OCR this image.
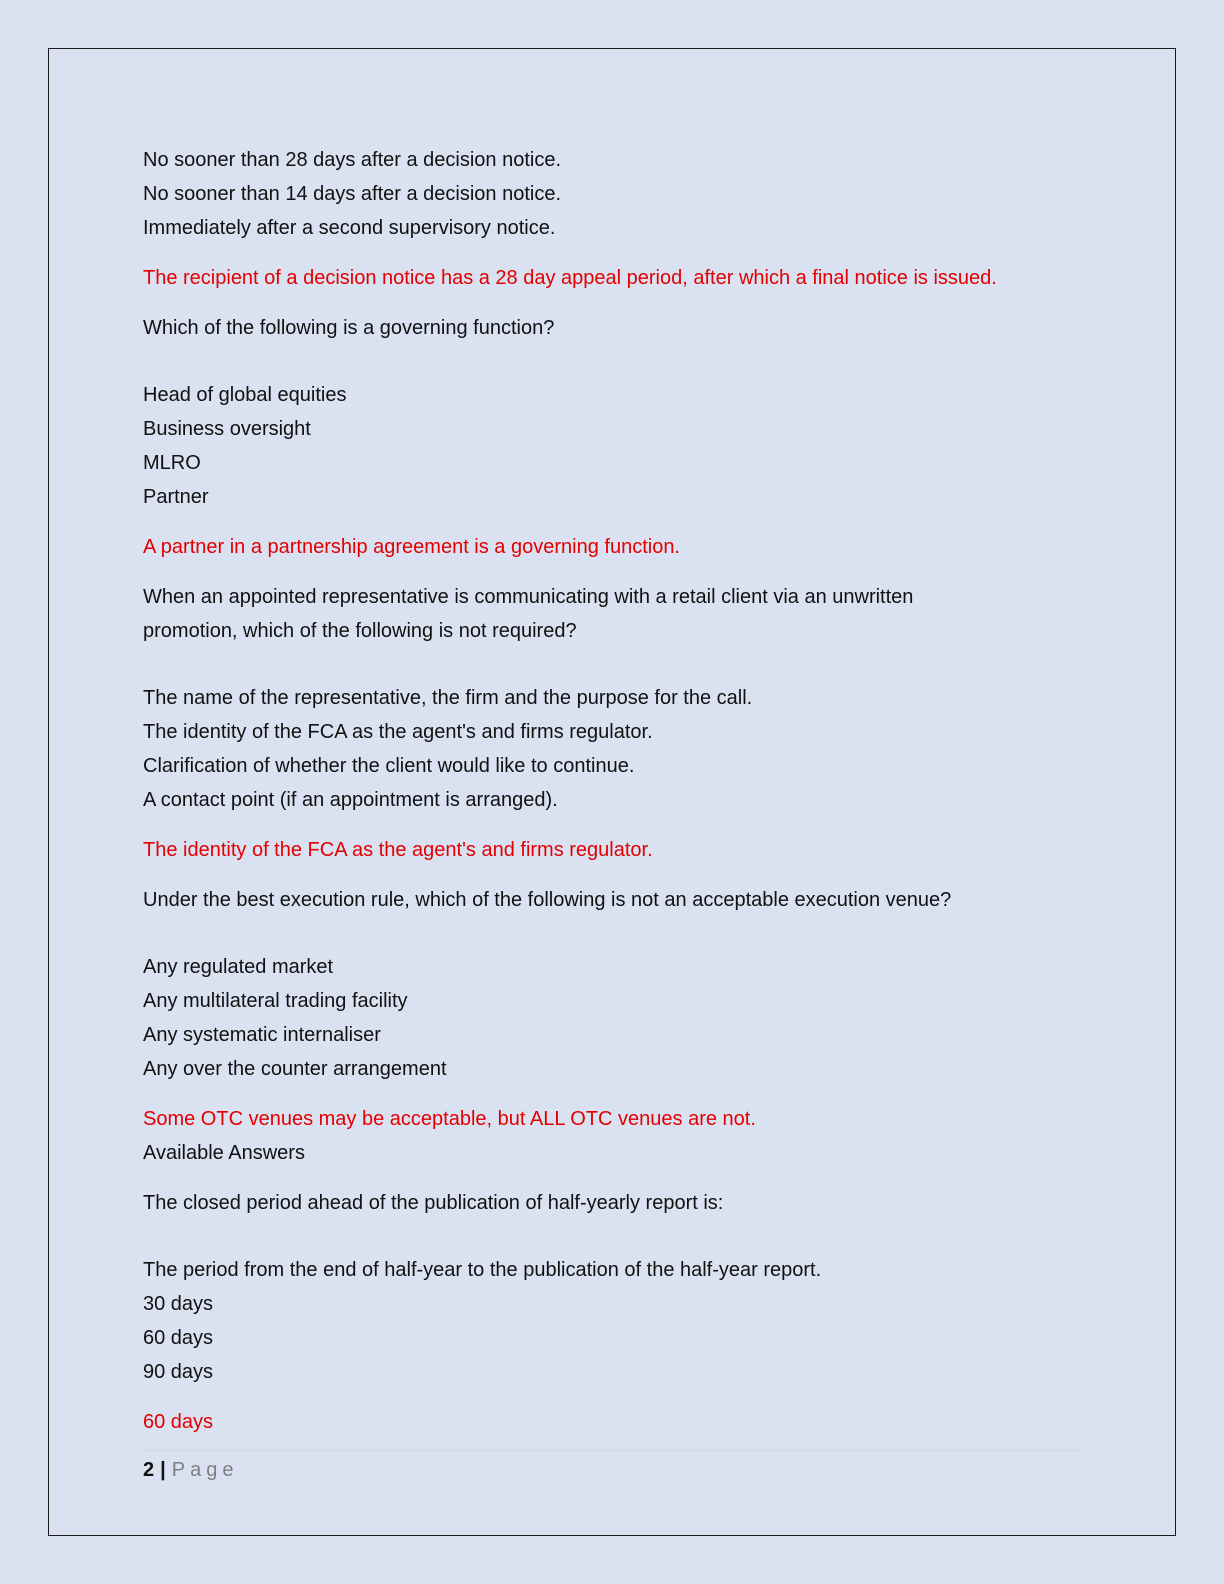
No sooner than 28 days after a decision notice.
No sooner than 14 days after a decision notice.
Immediately after a second supervisory notice.
The recipient of a decision notice has a 28 day appeal period, after which a final notice is issued.
Which of the following is a governing function?
Head of global equities
Business oversight
MLRO
Partner
A partner in a partnership agreement is a governing function.
When an appointed representative is communicating with a retail client via an unwritten
promotion, which of the following is not required?
The name of the representative, the firm and the purpose for the call.
The identity of the FCA as the agent's and firms regulator.
Clarification of whether the client would like to continue.
A contact point (if an appointment is arranged).
The identity of the FCA as the agent's and firms regulator.
Under the best execution rule, which of the following is not an acceptable execution venue?
Any regulated market
Any multilateral trading facility
Any systematic internaliser
Any over the counter arrangement
Some OTC venues may be acceptable, but ALL OTC venues are not.
Available Answers
The closed period ahead of the publication of half-yearly report is:
The period from the end of half-year to the publication of the half-year report.
30 days
60 days
90 days
60 days
2 | Page
